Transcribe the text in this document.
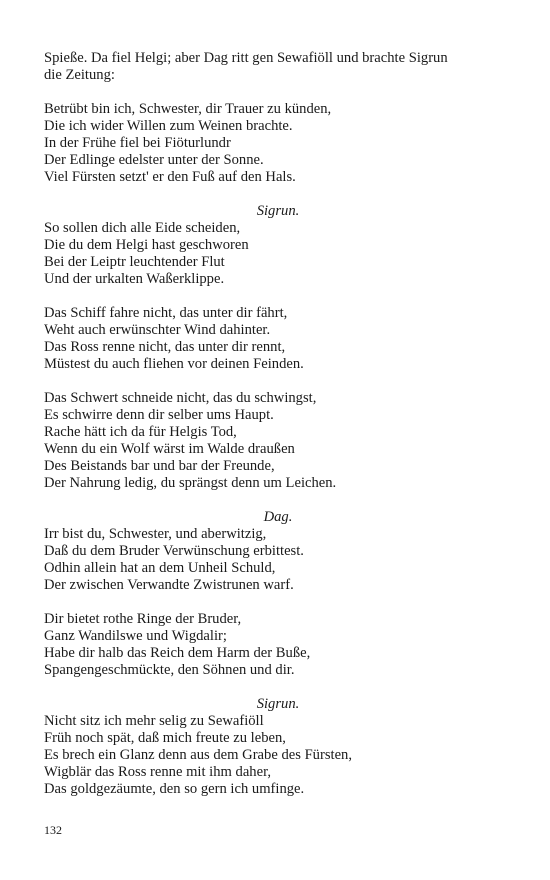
Spieße. Da fiel Helgi; aber Dag ritt gen Sewafiöll und brachte Sigrun
die Zeitung:
Betrübt bin ich, Schwester, dir Trauer zu künden,
Die ich wider Willen zum Weinen brachte.
In der Frühe fiel bei Fiöturlundr
Der Edlinge edelster unter der Sonne.
Viel Fürsten setzt' er den Fuß auf den Hals.
Sigrun.
So sollen dich alle Eide scheiden,
Die du dem Helgi hast geschworen
Bei der Leiptr leuchtender Flut
Und der urkalten Waßerklippe.
Das Schiff fahre nicht, das unter dir fährt,
Weht auch erwünschter Wind dahinter.
Das Ross renne nicht, das unter dir rennt,
Müstest du auch fliehen vor deinen Feinden.
Das Schwert schneide nicht, das du schwingst,
Es schwirre denn dir selber ums Haupt.
Rache hätt ich da für Helgis Tod,
Wenn du ein Wolf wärst im Walde draußen
Des Beistands bar und bar der Freunde,
Der Nahrung ledig, du sprängst denn um Leichen.
Dag.
Irr bist du, Schwester, und aberwitzig,
Daß du dem Bruder Verwünschung erbittest.
Odhin allein hat an dem Unheil Schuld,
Der zwischen Verwandte Zwistrunen warf.
Dir bietet rothe Ringe der Bruder,
Ganz Wandilswe und Wigdalir;
Habe dir halb das Reich dem Harm der Buße,
Spangengeschmückte, den Söhnen und dir.
Sigrun.
Nicht sitz ich mehr selig zu Sewafiöll
Früh noch spät, daß mich freute zu leben,
Es brech ein Glanz denn aus dem Grabe des Fürsten,
Wigblär das Ross renne mit ihm daher,
Das goldgezäumte, den so gern ich umfinge.
132
